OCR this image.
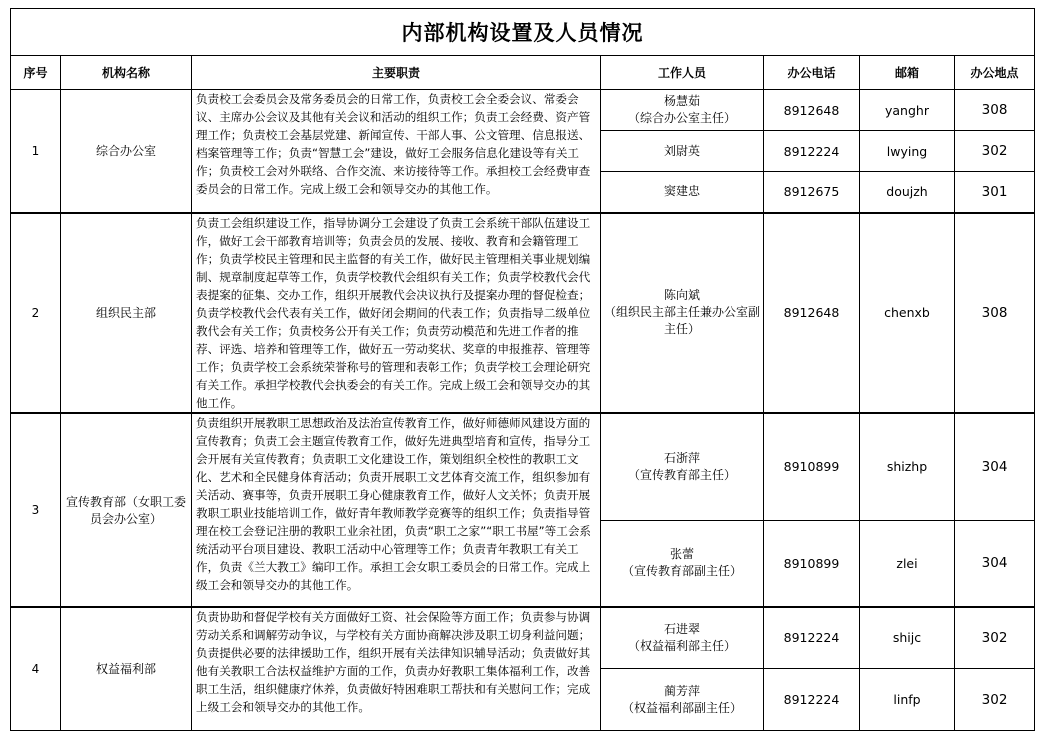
内部机构设置及人员情况						
序号	机构名称	主要职责	工作人员	办公电话	邮箱	办公地点
1	综合办公室	负责校工会委员会及常务委员会的日常工作，负责校工会全委会议、常委会议、主席办公会议及其他有关会议和活动的组织工作；负责工会经费、资产管理工作；负责校工会基层党建、新闻宣传、干部人事、公文管理、信息报送、档案管理等工作；负责“智慧工会”建设，做好工会服务信息化建设等有关工作；负责校工会对外联络、合作交流、来访接待等工作。承担校工会经费审查委员会的日常工作。完成上级工会和领导交办的其他工作。	杨慧茹
（综合办公室主任）	8912648	yanghr	308

			刘尉英	8912224	lwying	302

			窦建忠	8912675	doujzh	301
2	组织民主部	负责工会组织建设工作，指导协调分工会建设了负责工会系统干部队伍建设工作，做好工会干部教育培训等；负责会员的发展、接收、教育和会籍管理工作；负责学校民主管理和民主监督的有关工作，做好民主管理相关事业规划编制、规章制度起草等工作，负责学校教代会组织有关工作；负责学校教代会代表提案的征集、交办工作，组织开展教代会决议执行及提案办理的督促检查；负责学校教代会代表有关工作，做好闭会期间的代表工作；负责指导二级单位教代会有关工作；负责校务公开有关工作；负责劳动模范和先进工作者的推荐、评选、培养和管理等工作，做好五一劳动奖状、奖章的申报推荐、管理等工作；负责学校工会系统荣誉称号的管理和表彰工作；负责学校工会理论研究有关工作。承担学校教代会执委会的有关工作。完成上级工会和领导交办的其他工作。	陈向斌
（组织民主部主任兼办公室副主任）	8912648	chenxb	308
3	宣传教育部（女职工委员会办公室）	负责组织开展教职工思想政治及法治宣传教育工作，做好师德师风建设方面的宣传教育；负责工会主题宣传教育工作，做好先进典型培育和宣传，指导分工会开展有关宣传教育；负责职工文化建设工作，策划组织全校性的教职工文化、艺术和全民健身体育活动；负责开展职工文艺体育交流工作，组织参加有关活动、赛事等，负责开展职工身心健康教育工作，做好人文关怀；负责开展教职工职业技能培训工作，做好青年教师教学竞赛等的组织工作；负责指导管理在校工会登记注册的教职工业余社团，负责“职工之家”“职工书屋”等工会系统活动平台项目建设、教职工活动中心管理等工作；负责青年教职工有关工作，负责《兰大教工》编印工作。承担工会女职工委员会的日常工作。完成上级工会和领导交办的其他工作。	石浙萍
（宣传教育部主任）	8910899	shizhp	304

			张蕾
（宣传教育部副主任）	8910899	zlei	304
4	权益福利部	负责协助和督促学校有关方面做好工资、社会保险等方面工作；负责参与协调劳动关系和调解劳动争议，与学校有关方面协商解决涉及职工切身利益问题；负责提供必要的法律援助工作，组织开展有关法律知识辅导活动；负责做好其他有关教职工合法权益维护方面的工作，负责办好教职工集体福利工作，改善职工生活，组织健康疗休养，负责做好特困难职工帮扶和有关慰问工作；完成上级工会和领导交办的其他工作。	石进翠
（权益福利部主任）	8912224	shijc	302

			蔺芳萍
（权益福利部副主任）	8912224	linfp	302
